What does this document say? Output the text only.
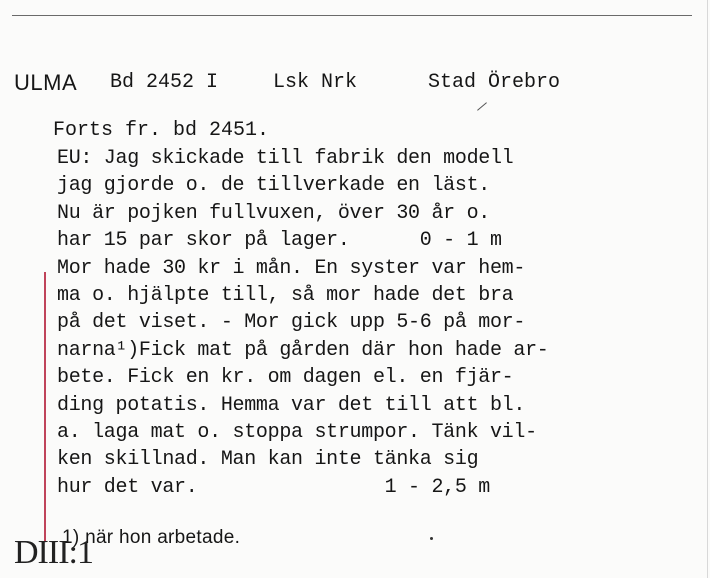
ULMA Bd 2452 I	Lsk Nrk	Stad Örebro
Forts fr. bd 2451.
EU: Jag skickade till fabrik den modell
jag gjorde o. de tillverkade en läst.
Nu är pojken fullvuxen, över 30 år o.
har 15 par skor på lager.      0 - 1 m
Mor hade 30 kr i mån. En syster var hem-
ma o. hjälpte till, så mor hade det bra
på det viset. - Mor gick upp 5-6 på mor-
narna¹)Fick mat på gården där hon hade ar-
bete. Fick en kr. om dagen el. en fjär-
ding potatis. Hemma var det till att bl.
a. laga mat o. stoppa strumpor. Tänk vil-
ken skillnad. Man kan inte tänka sig
hur det var.                1 - 2,5 m
1) när hon arbetade.
DIII:1
